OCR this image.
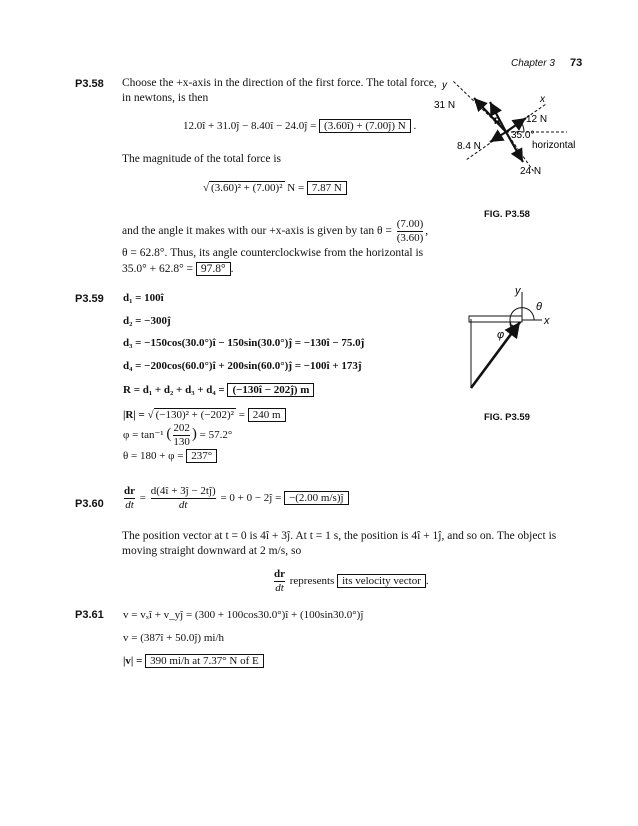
Chapter 3 73
P3.58 Choose the +x-axis in the direction of the first force. The total force,
in newtons, is then
12.0î + 31.0ĵ − 8.40î − 24.0ĵ = (3.60î) + (7.00ĵ) N .
The magnitude of the total force is
√ (3.60)² + (7.00)² N = 7.87 N
and the angle it makes with our +x-axis is given by $\tan \theta = \frac{(7.00)}{(3.60)}$ ,
θ = 62.8°. Thus, its angle counterclockwise from the horizontal is
35.0° + 62.8° = 97.8° .
y
x
31 N
12 N
8.4 N
24 N
R
35.0°
horizontal
FIG. P3.58
P3.59 d₁ = 100î
d₂ = −300ĵ
d₃ = −150cos(30.0°)î − 150sin(30.0°)ĵ = −130î − 75.0ĵ
d₄ = −200cos(60.0°)î + 200sin(60.0°)ĵ = −100î + 173ĵ
R = d₁ + d₂ + d₃ + d₄ = (−130î − 202ĵ) m
|R| = √ (−130)² + (−202)² = 240 m
φ = tan⁻¹ ( $\frac{202}{130}$ ) = 57.2°
θ = 180 + φ = 237°
y
x
θ
φ
FIG. P3.59
$P3.60 \frac{dr}{dt} = \frac{d(4î + 3ĵ - 2tĵ)}{dt} = 0 + 0$ − 2ĵ = −(2.00 m/s)ĵ
The position vector at t = 0 is 4î + 3ĵ. At t = 1 s, the position is 4î + 1ĵ, and so on. The object is
moving straight downward at 2 m/s, so
$\frac{dr}{dt}$ represents its velocity vector .
P3.61 v = vₓî + v_yĵ = (300 + 100cos30.0°)î + (100sin30.0°)ĵ
v = (387î + 50.0ĵ) mi/h
|v| = 390 mi/h at 7.37° N of E
